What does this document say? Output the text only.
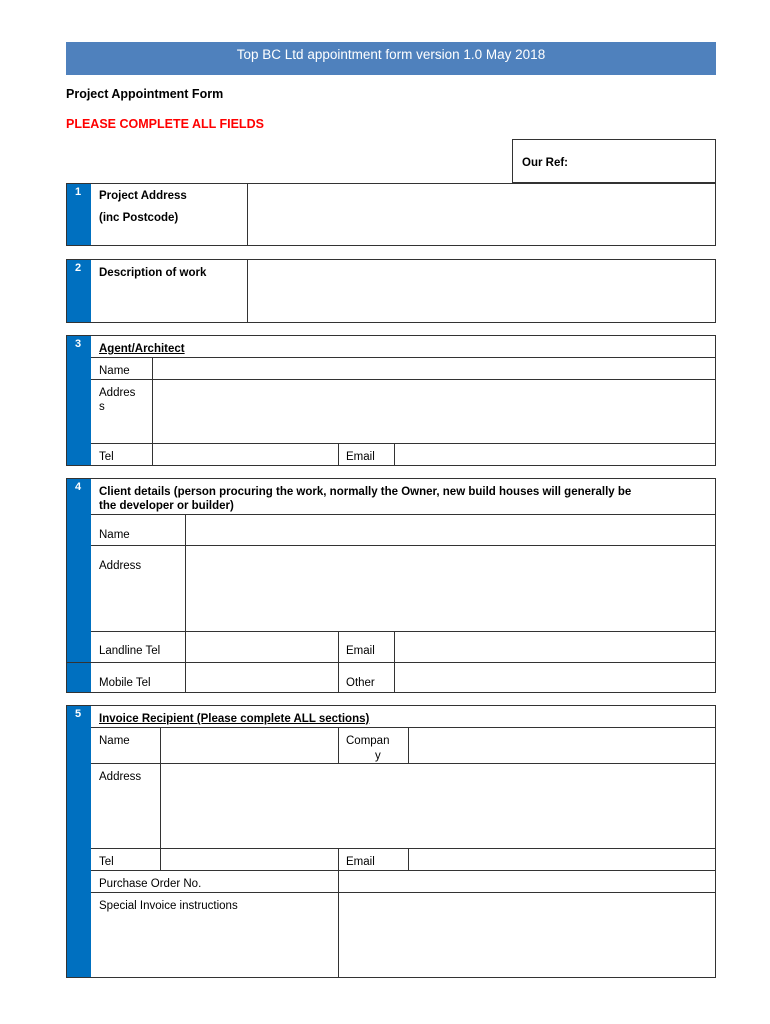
Top BC Ltd appointment form version 1.0 May 2018
Project Appointment Form
PLEASE COMPLETE ALL FIELDS
Our Ref:
1	Project Address
(inc Postcode)
2	Description of work
3	Agent/Architect
Name
Addres
s
Tel	Email
4	Client details (person procuring the work, normally the Owner, new build houses will generally be
the developer or builder)
Name
Address
Landline Tel	Email
Mobile Tel	Other
5	Invoice Recipient (Please complete ALL sections)
Name	Compan
y
Address
Tel	Email
Purchase Order No.
Special Invoice instructions
